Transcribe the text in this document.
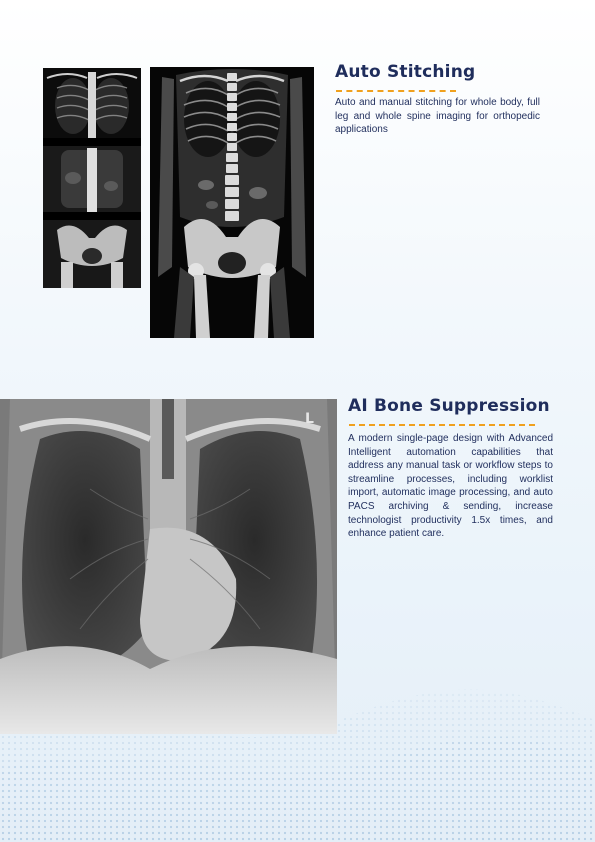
L
Auto Stitching

Auto and manual stitching for whole body, full leg and whole spine imaging for orthopedic applications

AI Bone Suppression

A modern single-page design with Advanced Intelligent automation capabilities that address any manual task or workflow steps to streamline processes, including worklist import, automatic image processing, and auto PACS archiving & sending, increase technologist productivity 1.5x times, and enhance patient care.
